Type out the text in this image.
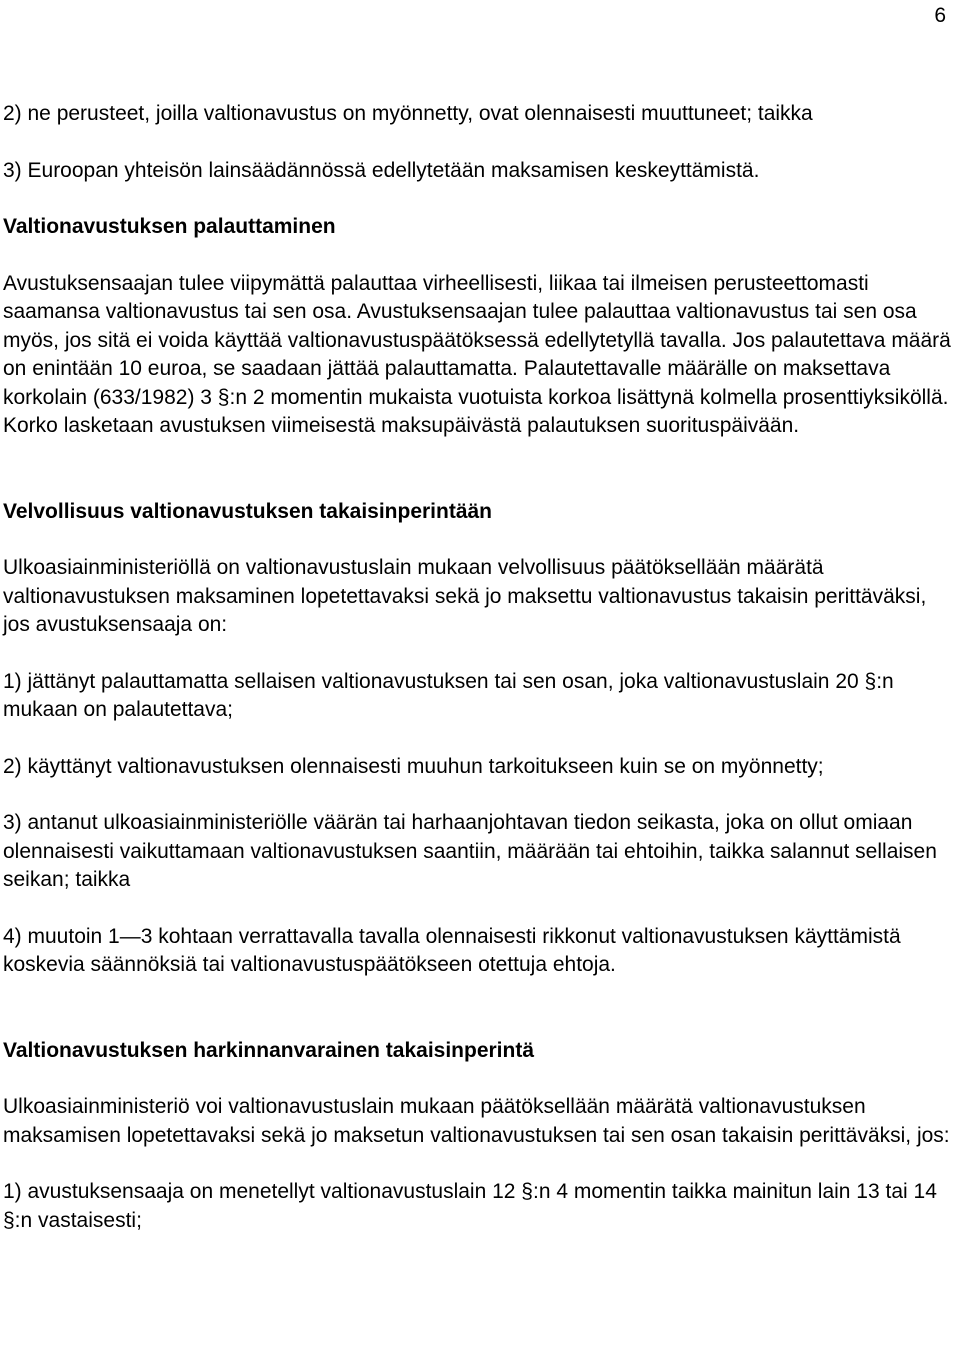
6

2) ne perusteet, joilla valtionavustus on myönnetty, ovat olennaisesti muuttuneet; taikka

3) Euroopan yhteisön lainsäädännössä edellytetään maksamisen keskeyttämistä.

Valtionavustuksen palauttaminen

Avustuksensaajan tulee viipymättä palauttaa virheellisesti, liikaa tai ilmeisen perusteettomasti saamansa valtionavustus tai sen osa. Avustuksensaajan tulee palauttaa valtionavustus tai sen osa myös, jos sitä ei voida käyttää valtionavustuspäätöksessä edellytetyllä tavalla. Jos palautettava määrä on enintään 10 euroa, se saadaan jättää palauttamatta. Palautettavalle määrälle on maksettava korkolain (633/1982) 3 §:n 2 momentin mukaista vuotuista korkoa lisättynä kolmella prosenttiyksiköllä. Korko lasketaan avustuksen viimeisestä maksupäivästä palautuksen suorituspäivään.

Velvollisuus valtionavustuksen takaisinperintään

Ulkoasiainministeriöllä on valtionavustuslain mukaan velvollisuus päätöksellään määrätä valtionavustuksen maksaminen lopetettavaksi sekä jo maksettu valtionavustus takaisin perittäväksi, jos avustuksensaaja on:

1) jättänyt palauttamatta sellaisen valtionavustuksen tai sen osan, joka valtionavustuslain 20 §:n mukaan on palautettava;

2) käyttänyt valtionavustuksen olennaisesti muuhun tarkoitukseen kuin se on myönnetty;

3) antanut ulkoasiainministeriölle väärän tai harhaanjohtavan tiedon seikasta, joka on ollut omiaan olennaisesti vaikuttamaan valtionavustuksen saantiin, määrään tai ehtoihin, taikka salannut sellaisen seikan; taikka

4) muutoin 1—3 kohtaan verrattavalla tavalla olennaisesti rikkonut valtionavustuksen käyttämistä koskevia säännöksiä tai valtionavustuspäätökseen otettuja ehtoja.

Valtionavustuksen harkinnanvarainen takaisinperintä

Ulkoasiainministeriö voi valtionavustuslain mukaan päätöksellään määrätä valtionavustuksen maksamisen lopetettavaksi sekä jo maksetun valtionavustuksen tai sen osan takaisin perittäväksi, jos:

1) avustuksensaaja on menetellyt valtionavustuslain 12 §:n 4 momentin taikka mainitun lain 13 tai 14 §:n vastaisesti;
